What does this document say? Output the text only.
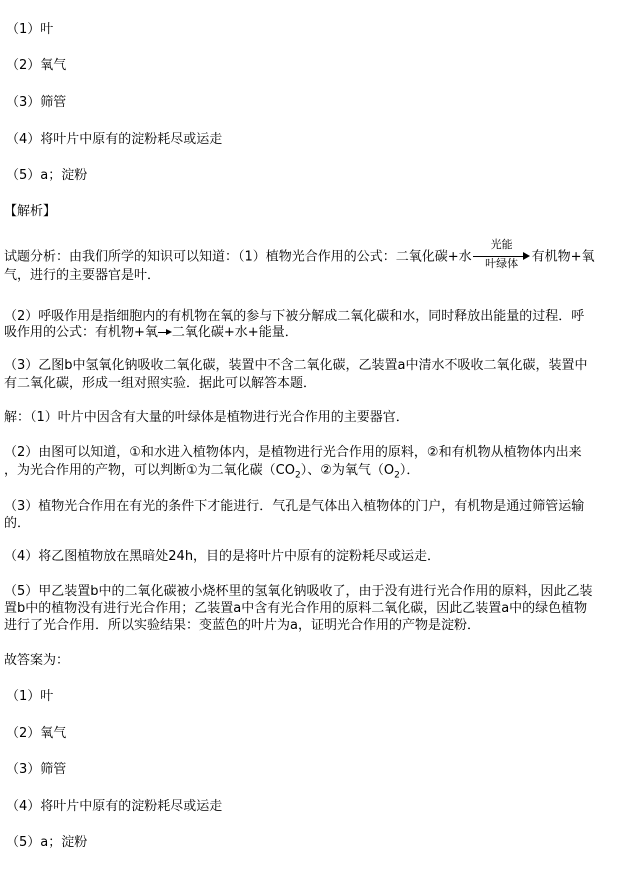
（1）叶
（2）氧气
（3）筛管
（4）将叶片中原有的淀粉耗尽或运走
（5）a；淀粉
【解析】
试题分析：由我们所学的知识可以知道：（1）植物光合作用的公式：二氧化碳+水
光能
叶绿体	有机物+氧
气，进行的主要器官是叶．
（2）呼吸作用是指细胞内的有机物在氧的参与下被分解成二氧化碳和水，同时释放出能量的过程．呼
吸作用的公式：有机物+氧 二氧化碳+水+能量．
（3）乙图b中氢氧化钠吸收二氧化碳，装置中不含二氧化碳，乙装置a中清水不吸收二氧化碳，装置中
有二氧化碳，形成一组对照实验．据此可以解答本题．
解：（1）叶片中因含有大量的叶绿体是植物进行光合作用的主要器官．
（2）由图可以知道，①和水进入植物体内，是植物进行光合作用的原料，②和有机物从植物体内出来
，为光合作用的产物，可以判断①为二氧化碳$(CO_2)$、②为氧气$(O_2)$．
（3）植物光合作用在有光的条件下才能进行．气孔是气体出入植物体的门户，有机物是通过筛管运输
的．
（4）将乙图植物放在黑暗处24h，目的是将叶片中原有的淀粉耗尽或运走．
（5）甲乙装置b中的二氧化碳被小烧杯里的氢氧化钠吸收了，由于没有进行光合作用的原料，因此乙装
置b中的植物没有进行光合作用；乙装置a中含有光合作用的原料二氧化碳，因此乙装置a中的绿色植物
进行了光合作用．所以实验结果：变蓝色的叶片为a，证明光合作用的产物是淀粉．
故答案为：
（1）叶
（2）氧气
（3）筛管
（4）将叶片中原有的淀粉耗尽或运走
（5）a；淀粉
